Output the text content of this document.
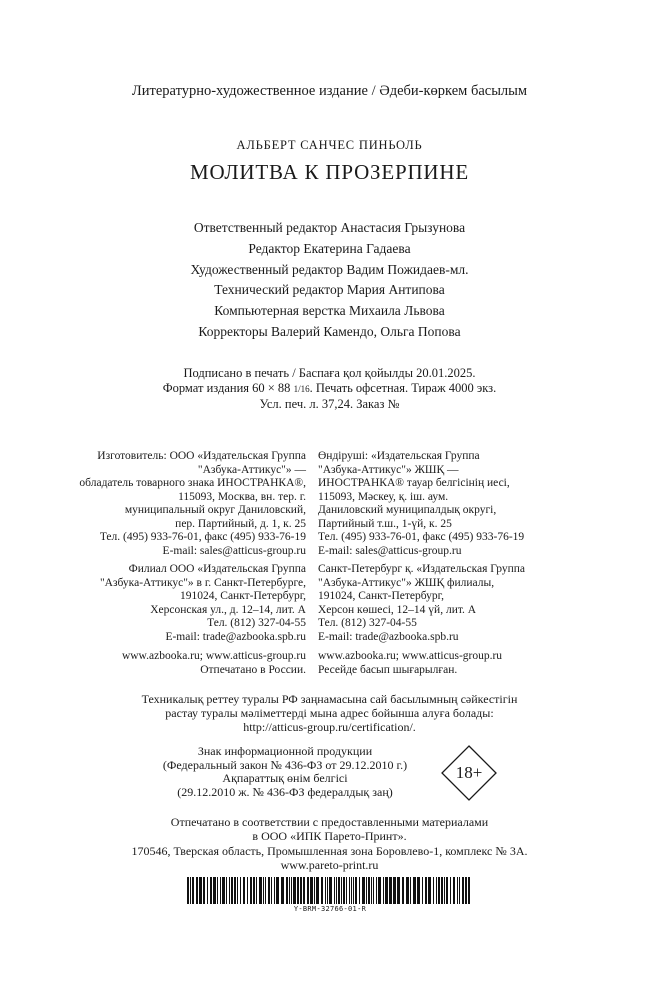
Литературно-художественное издание / Әдеби-көркем басылым
АЛЬБЕРТ САНЧЕС ПИНЬОЛЬ
МОЛИТВА К ПРОЗЕРПИНЕ
Ответственный редактор Анастасия Грызунова
Редактор Екатерина Гадаева
Художественный редактор Вадим Пожидаев-мл.
Технический редактор Мария Антипова
Компьютерная верстка Михаила Львова
Корректоры Валерий Камендо, Ольга Попова
Подписано в печать / Баспаға қол қойылды 20.01.2025.
Формат издания 60 × 88 1/16. Печать офсетная. Тираж 4000 экз.
Усл. печ. л. 37,24. Заказ №
Изготовитель: ООО «Издательская Группа
"Азбука-Аттикус"» —
обладатель товарного знака ИНОСТРАНКА®,
115093, Москва, вн. тер. г.
муниципальный округ Даниловский,
пер. Партийный, д. 1, к. 25
Тел. (495) 933-76-01, факс (495) 933-76-19
E-mail: sales@atticus-group.ru
Өндіруші: «Издательская Группа
"Азбука-Аттикус"» ЖШҚ —
ИНОСТРАНКА® тауар белгісінің иесі,
115093, Мәскеу, қ. іш. аум.
Даниловский муниципалдық округі,
Партийный т.ш., 1-үй, к. 25
Тел. (495) 933-76-01, факс (495) 933-76-19
E-mail: sales@atticus-group.ru
Филиал ООО «Издательская Группа
"Азбука-Аттикус"» в г. Санкт-Петербурге,
191024, Санкт-Петербург,
Херсонская ул., д. 12–14, лит. А
Тел. (812) 327-04-55
E-mail: trade@azbooka.spb.ru
Санкт-Петербург қ. «Издательская Группа
"Азбука-Аттикус"» ЖШҚ филиалы,
191024, Санкт-Петербург,
Херсон көшесі, 12–14 үй, лит. А
Тел. (812) 327-04-55
E-mail: trade@azbooka.spb.ru
www.azbooka.ru; www.atticus-group.ru
Отпечатано в России.
www.azbooka.ru; www.atticus-group.ru
Ресейде басып шығарылған.
Техникалық реттеу туралы РФ заңнамасына сай басылымның сәйкестігін
растау туралы мәліметтерді мына адрес бойынша алуға болады:
http://atticus-group.ru/certification/.
Знак информационной продукции
(Федеральный закон № 436-ФЗ от 29.12.2010 г.)
Ақпараттық өнім белгісі
(29.12.2010 ж. № 436-ФЗ федералдық заң)
18+
Отпечатано в соответствии с предоставленными материалами
в ООО «ИПК Парето-Принт».
170546, Тверская область, Промышленная зона Боровлево-1, комплекс № 3А.
www.pareto-print.ru
Y-BRM-32766-01-R
